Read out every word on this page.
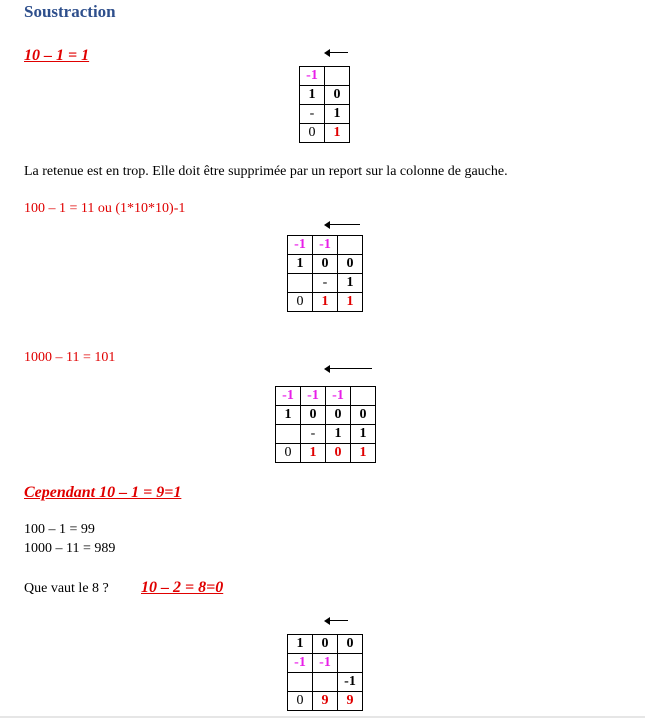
Soustraction
10 – 1 = 1
-1	
1	0
-	1
0	1
La retenue est en trop. Elle doit être supprimée par un report sur la colonne de gauche.
100 – 1 = 11 ou (1*10*10)-1
-1	-1	
1	0	0
	-	1
0	1	1
1000 – 11 = 101
-1	-1	-1	
1	0	0	0
	-	1	1
0	1	0	1
Cependant 10 – 1 = 9=1
100 – 1 = 99
1000 – 11 = 989
Que vaut le 8 ? 10 – 2 = 8=0
1	0	0
-1	-1	
		-1
0	9	9
